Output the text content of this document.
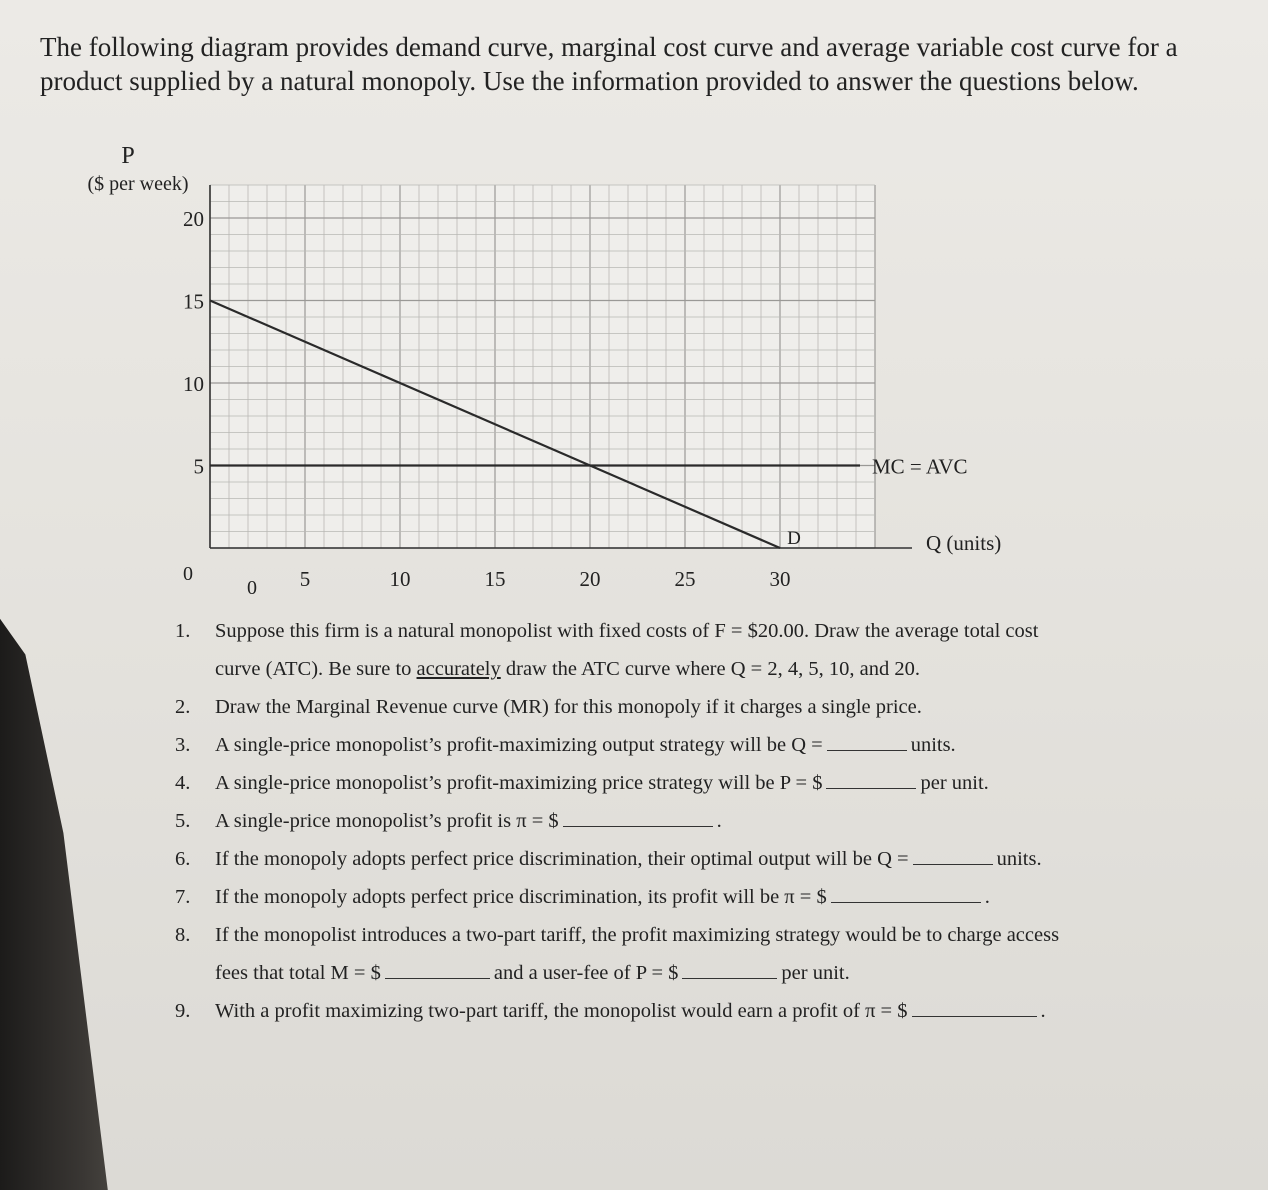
The following diagram provides demand curve, marginal cost curve and average variable cost curve for a product supplied by a natural monopoly. Use the information provided to answer the questions below.
5
10
15
20
5	10	15	20	25	30
0
0
P
($ per week)
Q (units)
D
MC = AVC
1. Suppose this firm is a natural monopolist with fixed costs of F = $20.00. Draw the average total cost
curve (ATC). Be sure to accurately draw the ATC curve where Q = 2, 4, 5, 10, and 20.
2. Draw the Marginal Revenue curve (MR) for this monopoly if it charges a single price.
3. A single-price monopolist’s profit-maximizing output strategy will be Q =	units.
4. A single-price monopolist’s profit-maximizing price strategy will be P = $	per unit.
5. A single-price monopolist’s profit is π = $	.
6. If the monopoly adopts perfect price discrimination, their optimal output will be Q =	units.
7. If the monopoly adopts perfect price discrimination, its profit will be π = $	.
8. If the monopolist introduces a two-part tariff, the profit maximizing strategy would be to charge access
fees that total M = $	and a user-fee of P = $	per unit.
9. With a profit maximizing two-part tariff, the monopolist would earn a profit of π = $	.
